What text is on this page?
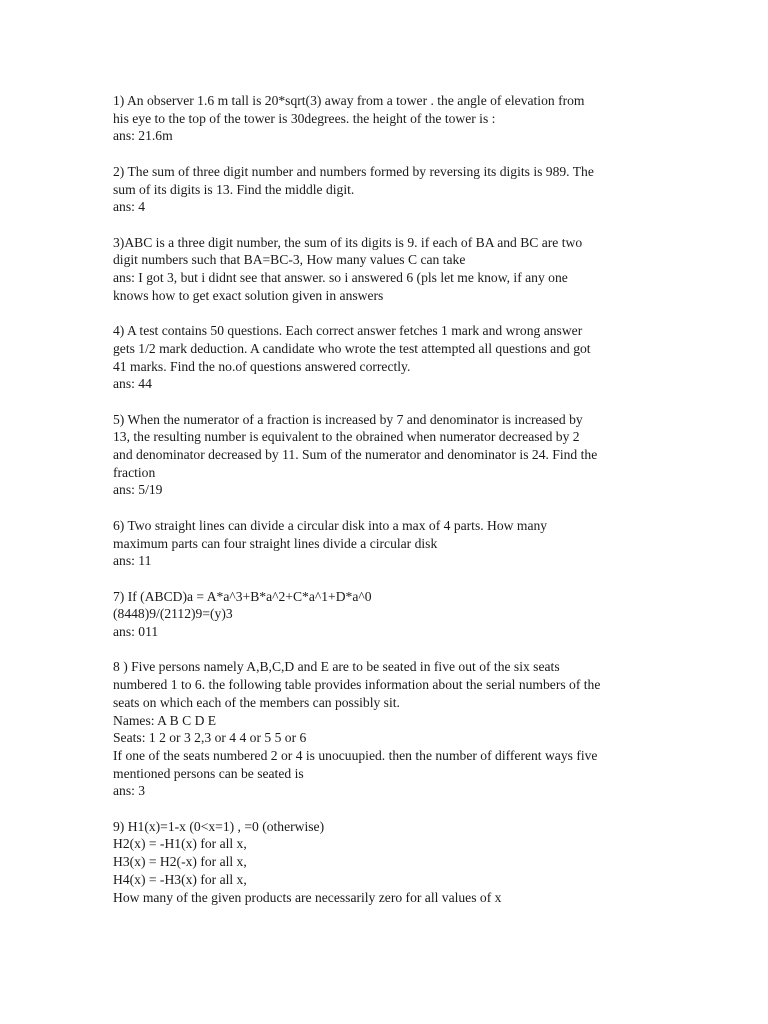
1) An observer 1.6 m tall is 20*sqrt(3) away from a tower . the angle of elevation from
his eye to the top of the tower is 30degrees. the height of the tower is :
ans: 21.6m
2) The sum of three digit number and numbers formed by reversing its digits is 989. The
sum of its digits is 13. Find the middle digit.
ans: 4
3)ABC is a three digit number, the sum of its digits is 9. if each of BA and BC are two
digit numbers such that BA=BC-3, How many values C can take
ans: I got 3, but i didnt see that answer. so i answered 6 (pls let me know, if any one
knows how to get exact solution given in answers
4) A test contains 50 questions. Each correct answer fetches 1 mark and wrong answer
gets 1/2 mark deduction. A candidate who wrote the test attempted all questions and got
41 marks. Find the no.of questions answered correctly.
ans: 44
5) When the numerator of a fraction is increased by 7 and denominator is increased by
13, the resulting number is equivalent to the obrained when numerator decreased by 2
and denominator decreased by 11. Sum of the numerator and denominator is 24. Find the
fraction
ans: 5/19
6) Two straight lines can divide a circular disk into a max of 4 parts. How many
maximum parts can four straight lines divide a circular disk
ans: 11
7) If (ABCD)a = A*a^3+B*a^2+C*a^1+D*a^0
(8448)9/(2112)9=(y)3
ans: 011
8 ) Five persons namely A,B,C,D and E are to be seated in five out of the six seats
numbered 1 to 6. the following table provides information about the serial numbers of the
seats on which each of the members can possibly sit.
Names: A B C D E
Seats: 1 2 or 3 2,3 or 4 4 or 5 5 or 6
If one of the seats numbered 2 or 4 is unocuupied. then the number of different ways five
mentioned persons can be seated is
ans: 3
9) H1(x)=1-x (0<x=1) , =0 (otherwise)
H2(x) = -H1(x) for all x,
H3(x) = H2(-x) for all x,
H4(x) = -H3(x) for all x,
How many of the given products are necessarily zero for all values of x
